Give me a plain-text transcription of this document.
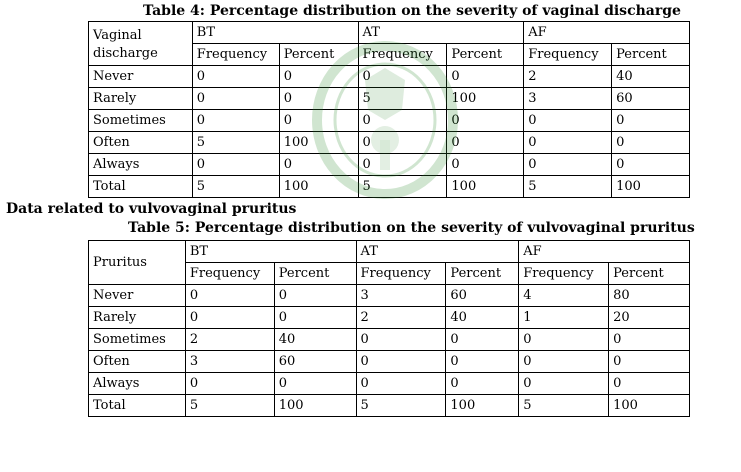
Table 4: Percentage distribution on the severity of vaginal discharge
Vaginal
discharge	BT		AT		AF	
	Frequency	Percent	Frequency	Percent	Frequency	Percent
Never	0	0	0	0	2	40
Rarely	0	0	5	100	3	60
Sometimes	0	0	0	0	0	0
Often	5	100	0	0	0	0
Always	0	0	0	0	0	0
Total	5	100	5	100	5	100
Data related to vulvovaginal pruritus
Table 5: Percentage distribution on the severity of vulvovaginal pruritus
Pruritus	BT		AT		AF	
	Frequency	Percent	Frequency	Percent	Frequency	Percent
Never	0	0	3	60	4	80
Rarely	0	0	2	40	1	20
Sometimes	2	40	0	0	0	0
Often	3	60	0	0	0	0
Always	0	0	0	0	0	0
Total	5	100	5	100	5	100
